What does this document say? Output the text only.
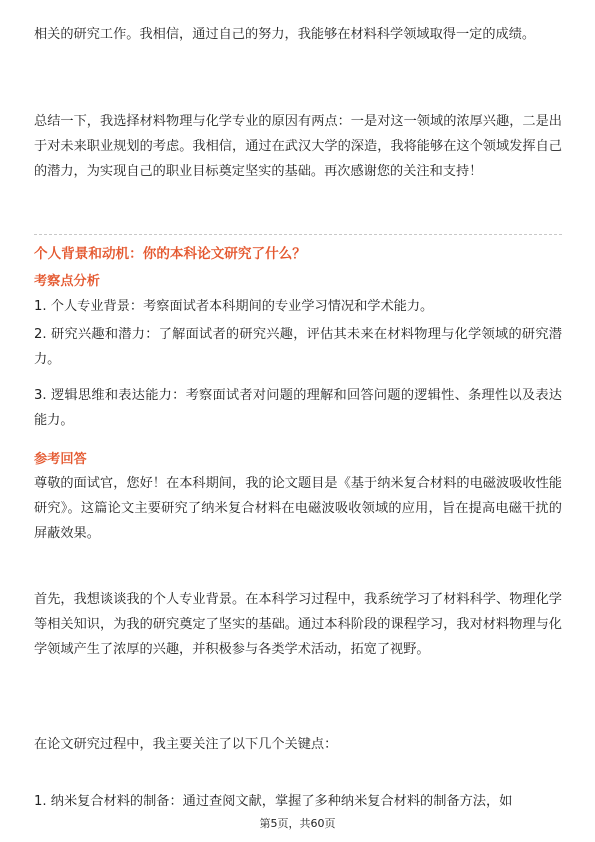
相关的研究工作。我相信，通过自己的努力，我能够在材料科学领域取得一定的成绩。

总结一下，我选择材料物理与化学专业的原因有两点：一是对这一领域的浓厚兴趣，二是出于对未来职业规划的考虑。我相信，通过在武汉大学的深造，我将能够在这个领域发挥自己的潜力，为实现自己的职业目标奠定坚实的基础。再次感谢您的关注和支持！

个人背景和动机：你的本科论文研究了什么？

考察点分析

1. 个人专业背景：考察面试者本科期间的专业学习情况和学术能力。

2. 研究兴趣和潜力：了解面试者的研究兴趣，评估其未来在材料物理与化学领域的研究潜力。

3. 逻辑思维和表达能力：考察面试者对问题的理解和回答问题的逻辑性、条理性以及表达能力。

参考回答

尊敬的面试官，您好！在本科期间，我的论文题目是《基于纳米复合材料的电磁波吸收性能研究》。这篇论文主要研究了纳米复合材料在电磁波吸收领域的应用，旨在提高电磁干扰的屏蔽效果。

首先，我想谈谈我的个人专业背景。在本科学习过程中，我系统学习了材料科学、物理化学等相关知识，为我的研究奠定了坚实的基础。通过本科阶段的课程学习，我对材料物理与化学领域产生了浓厚的兴趣，并积极参与各类学术活动，拓宽了视野。

在论文研究过程中，我主要关注了以下几个关键点：

1. 纳米复合材料的制备：通过查阅文献，掌握了多种纳米复合材料的制备方法，如

第5页，共60页
